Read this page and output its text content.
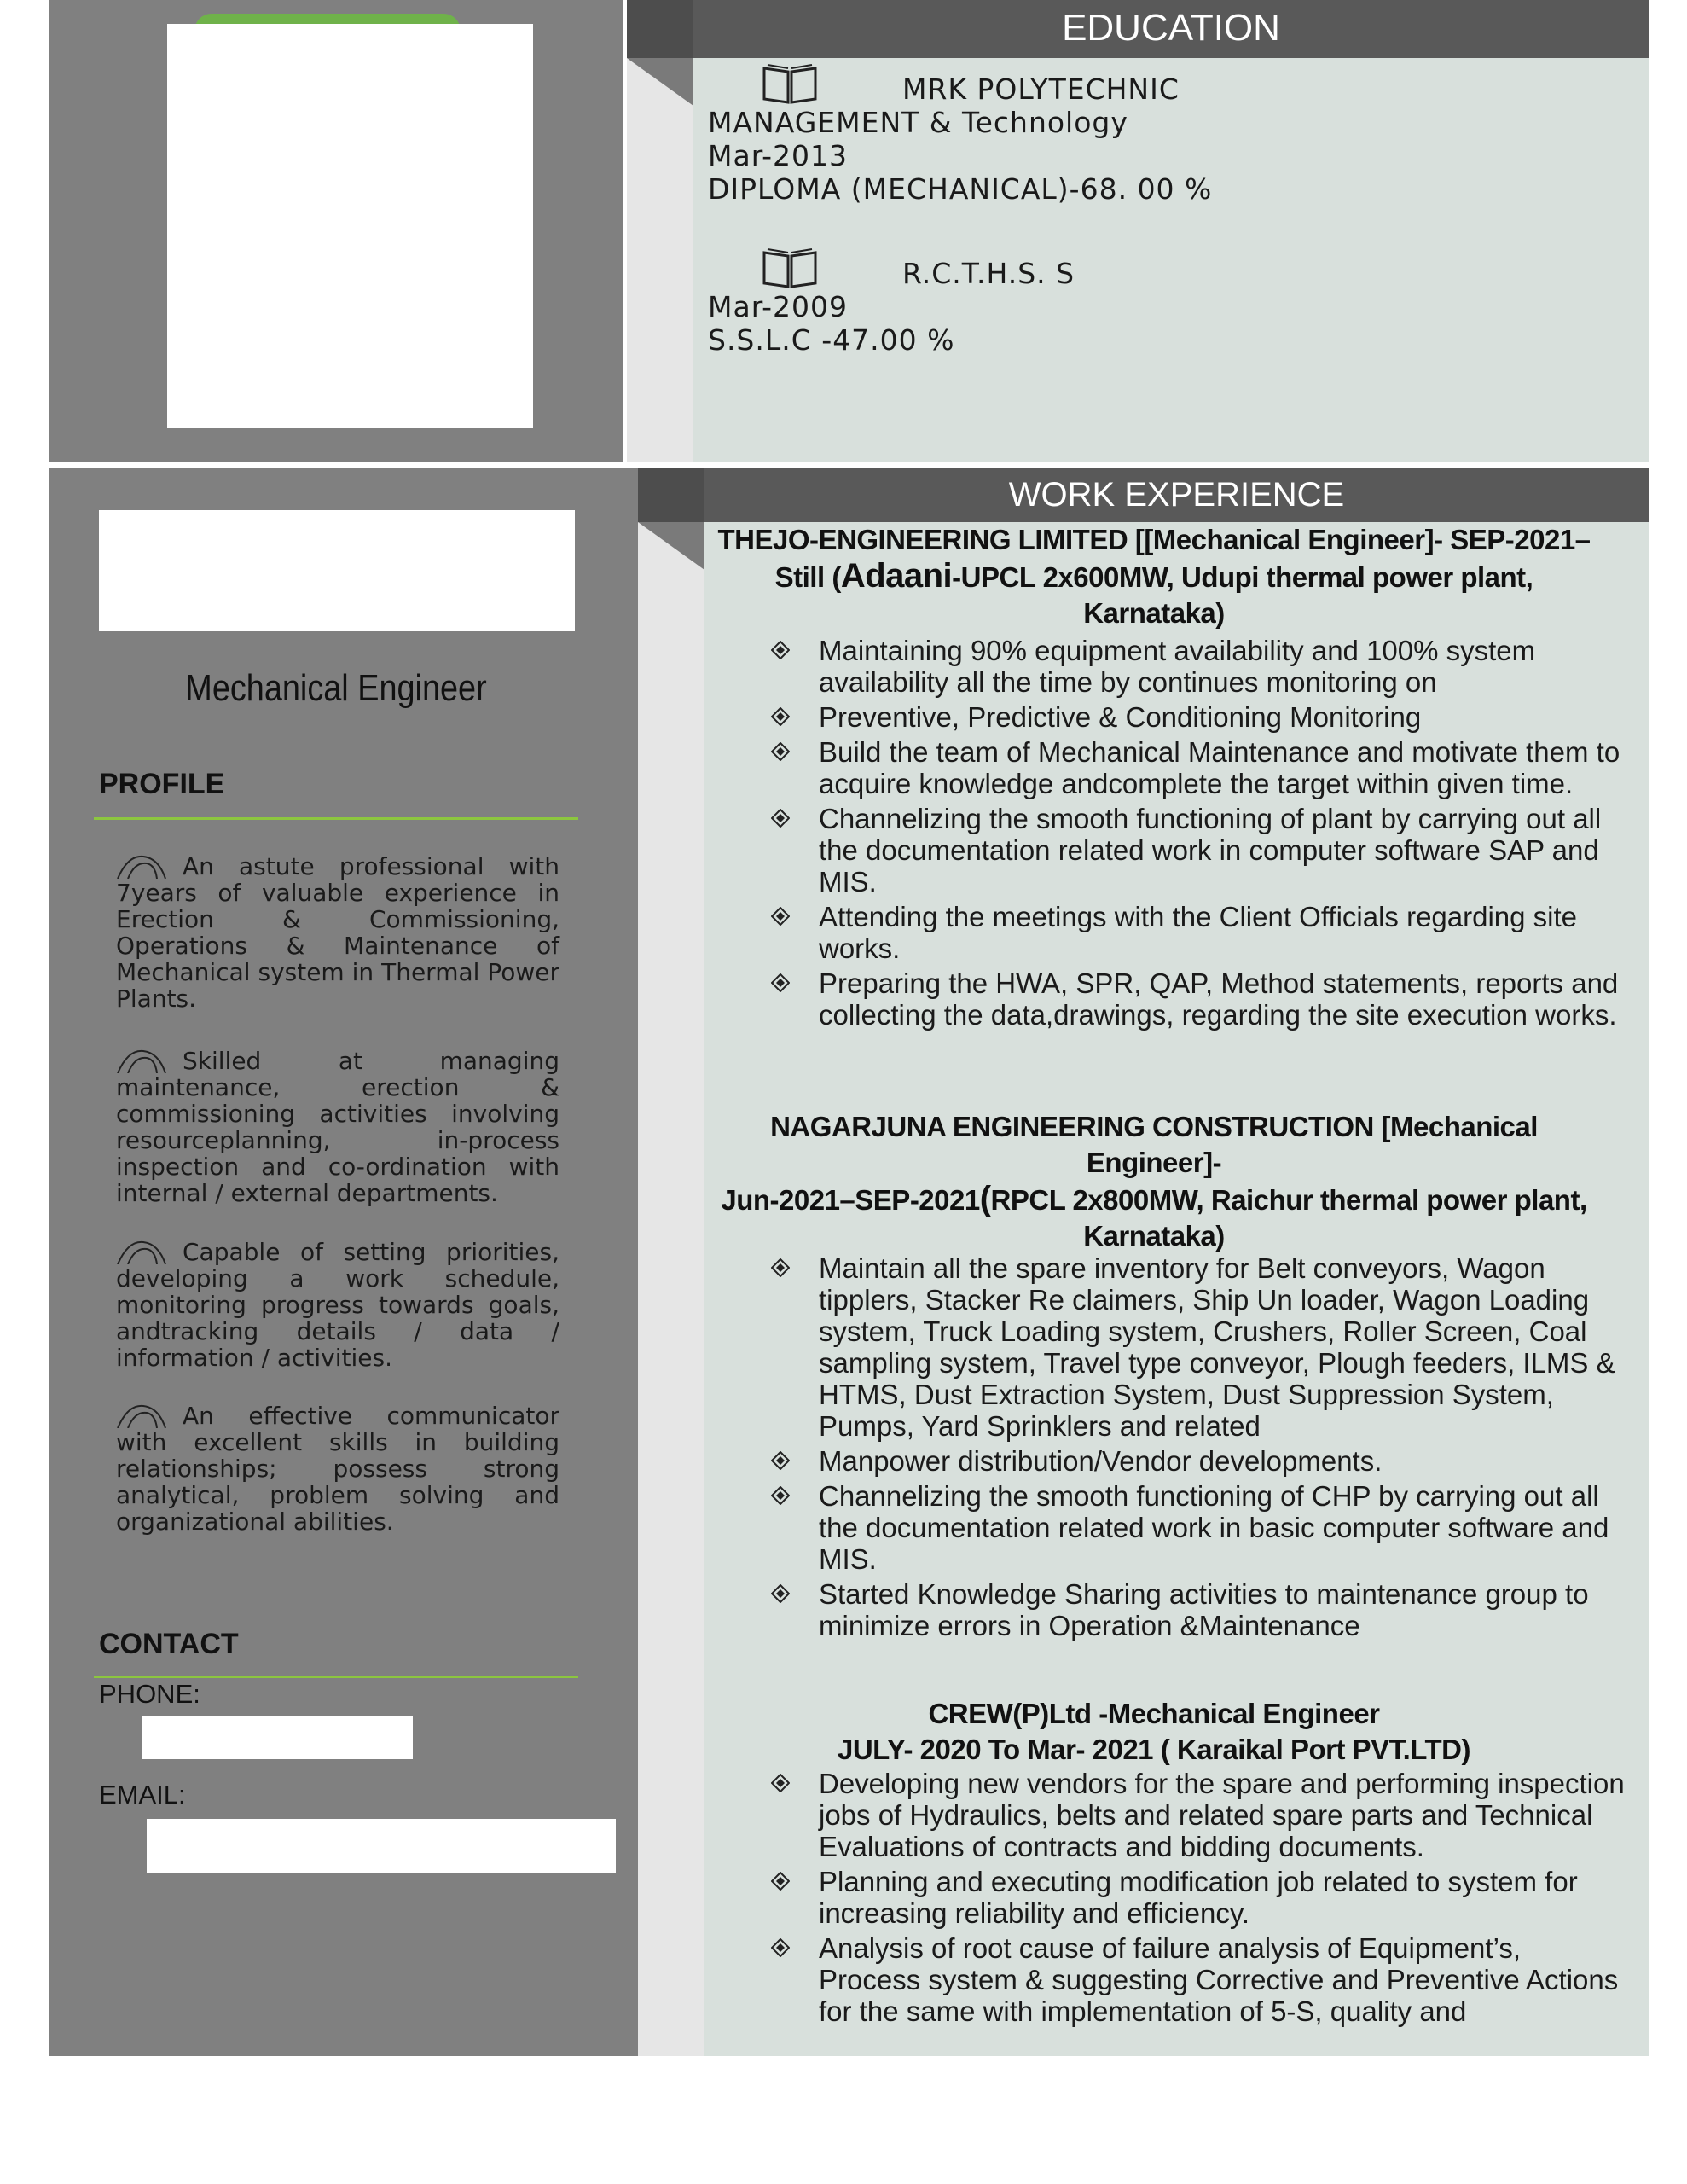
Mechanical Engineer
PROFILE
An astute professional with 7years of valuable experience in Erection & Commissioning, Operations & Maintenance of Mechanical system in Thermal Power Plants.
Skilled at managing maintenance, erection & commissioning activities involving resourceplanning, in-process inspection and co-ordination with internal / external departments.
Capable of setting priorities, developing a work schedule, monitoring progress towards goals, andtracking details / data / information / activities.
An effective communicator with excellent skills in building relationships; possess strong analytical, problem solving and organizational abilities.
CONTACT
PHONE:
EMAIL:
EDUCATION
MRK POLYTECHNIC
MANAGEMENT & Technology
Mar-2013
DIPLOMA (MECHANICAL)-68. 00 %
R.C.T.H.S. S
Mar-2009
S.S.L.C -47.00 %
WORK EXPERIENCE
THEJO-ENGINEERING LIMITED [[Mechanical Engineer]- SEP-2021–
Still (Adaani-UPCL 2x600MW, Udupi thermal power plant,
Karnataka)
Maintaining 90% equipment availability and 100% system availability all the time by continues monitoring on
Preventive, Predictive & Conditioning Monitoring
Build the team of Mechanical Maintenance and motivate them to acquire knowledge andcomplete the target within given time.
Channelizing the smooth functioning of plant by carrying out all the documentation related work in computer software SAP and MIS.
Attending the meetings with the Client Officials regarding site works.
Preparing the HWA, SPR, QAP, Method statements, reports and collecting the data,drawings, regarding the site execution works.
NAGARJUNA ENGINEERING CONSTRUCTION [Mechanical Engineer]-
Jun-2021–SEP-2021(RPCL 2x800MW, Raichur thermal power plant,
Karnataka)
Maintain all the spare inventory for Belt conveyors, Wagon tipplers, Stacker Re claimers, Ship Un loader, Wagon Loading system, Truck Loading system, Crushers, Roller Screen, Coal sampling system, Travel type conveyor, Plough feeders, ILMS & HTMS, Dust Extraction System, Dust Suppression System, Pumps, Yard Sprinklers and related
Manpower distribution/Vendor developments.
Channelizing the smooth functioning of CHP by carrying out all the documentation related work in basic computer software and MIS.
Started Knowledge Sharing activities to maintenance group to minimize errors in Operation &Maintenance
CREW(P)Ltd -Mechanical Engineer
JULY- 2020 To Mar- 2021 ( Karaikal Port PVT.LTD)
Developing new vendors for the spare and performing inspection jobs of Hydraulics, belts and related spare parts and Technical Evaluations of contracts and bidding documents.
Planning and executing modification job related to system for increasing reliability and efficiency.
Analysis of root cause of failure analysis of Equipment’s, Process system & suggesting Corrective and Preventive Actions for the same with implementation of 5-S, quality and
